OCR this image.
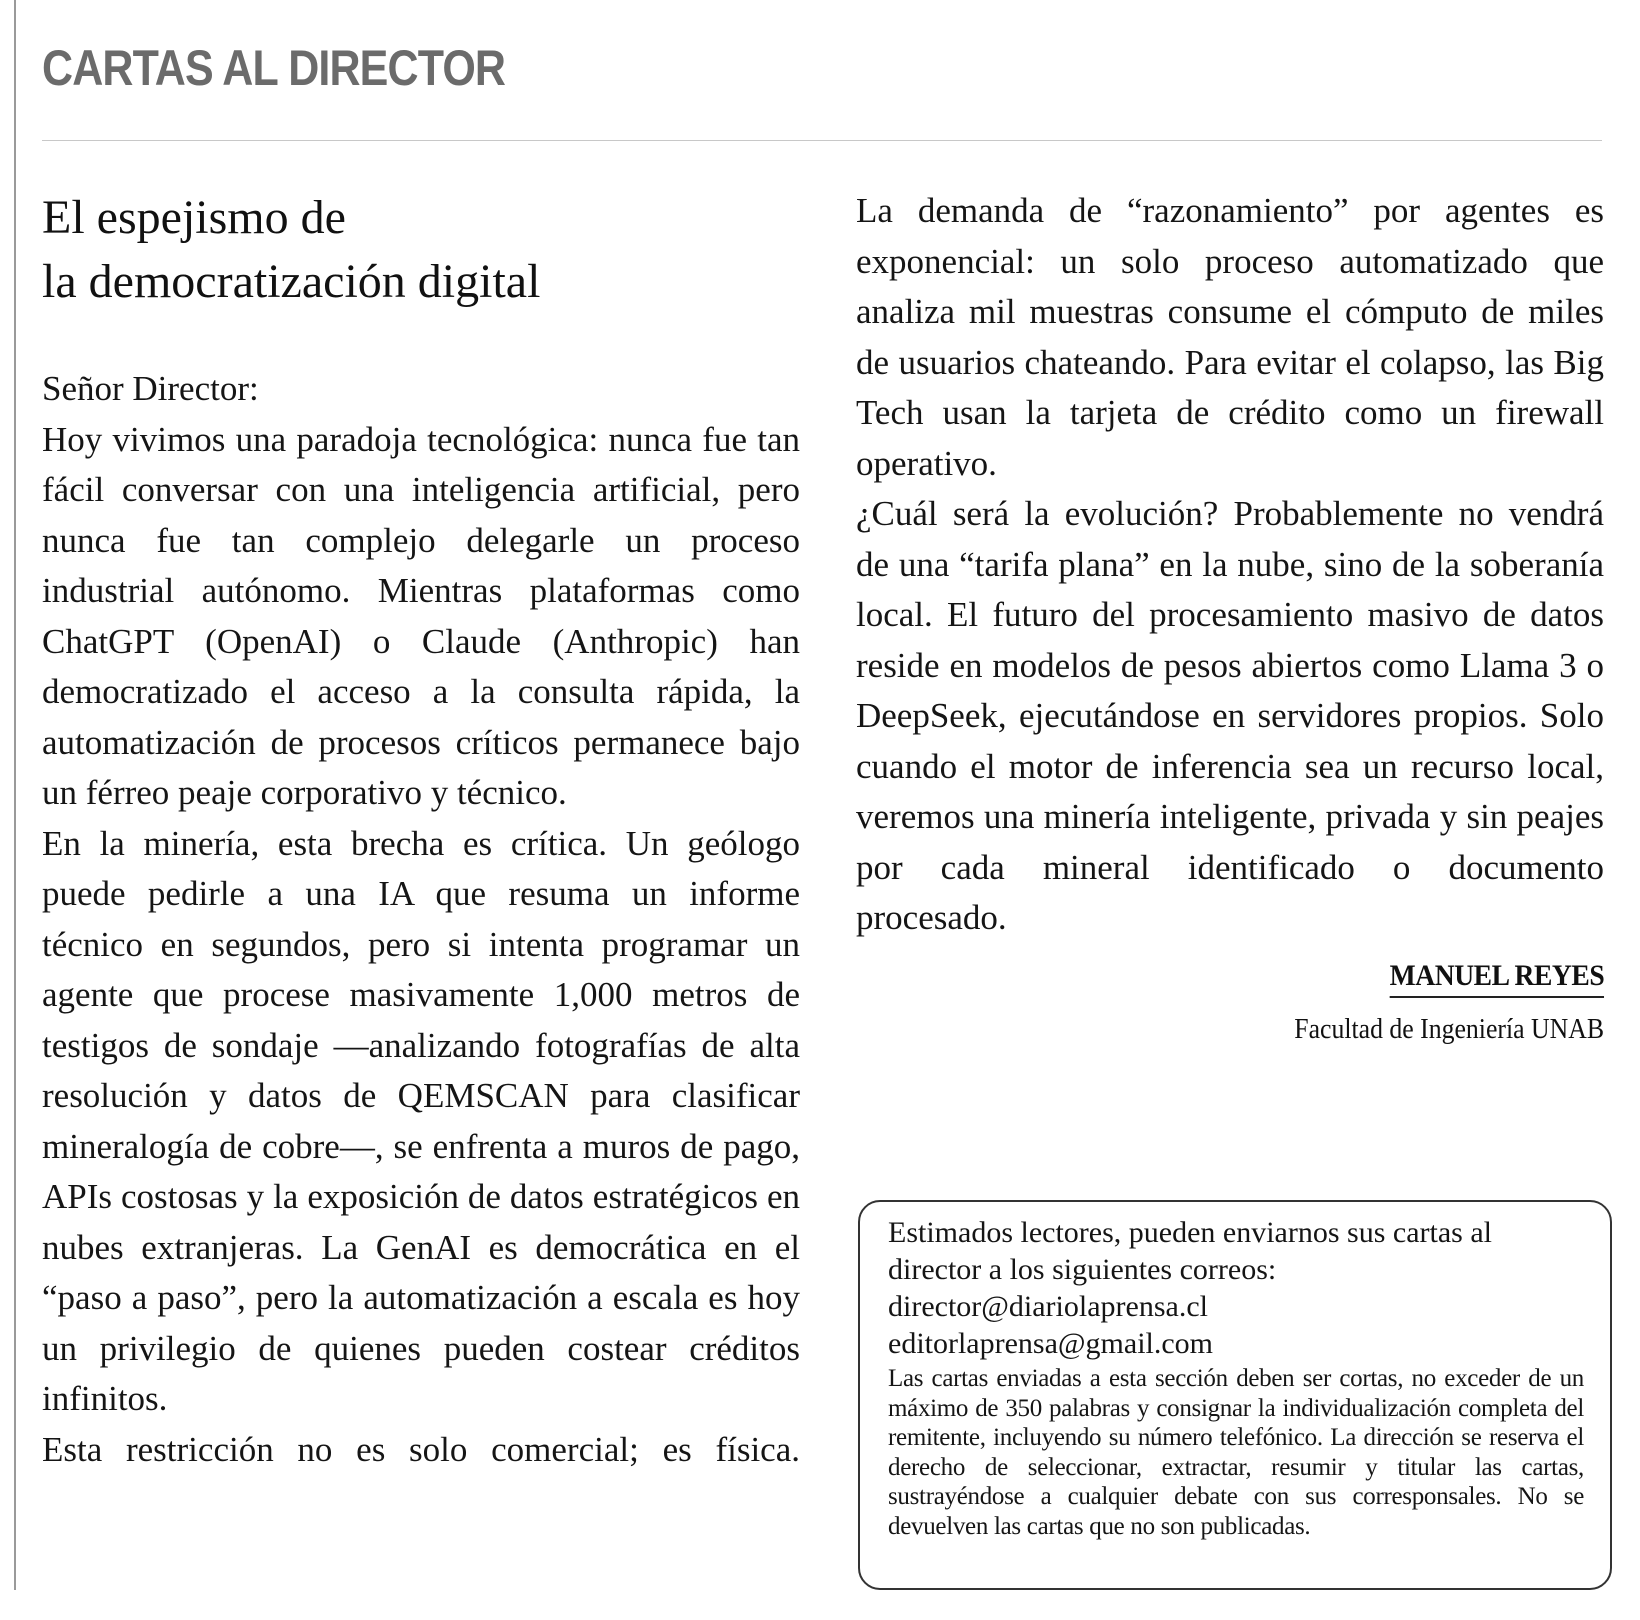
CARTAS AL DIRECTOR
El espejismo de
la democratización digital

Señor Director:

Hoy vivimos una paradoja tecnológica: nunca fue tan fácil conversar con una inteligencia artificial, pero nunca fue tan complejo delegarle un proceso industrial autónomo. Mientras plataformas como ChatGPT (OpenAI) o Claude (Anthropic) han democratizado el acceso a la consulta rápida, la automatización de procesos críticos permanece bajo un férreo peaje corporativo y técnico.

En la minería, esta brecha es crítica. Un geólogo puede pedirle a una IA que resuma un informe técnico en segundos, pero si intenta programar un agente que procese masivamente 1,000 metros de testigos de sondaje —analizando fotografías de alta resolución y datos de QEMSCAN para clasificar mineralogía de cobre—, se enfrenta a muros de pago, APIs costosas y la exposición de datos estratégicos en nubes extranjeras. La GenAI es democrática en el “paso a paso”, pero la automatización a escala es hoy un privilegio de quienes pueden costear créditos infinitos.

Esta restricción no es solo comercial; es física.

La demanda de “razonamiento” por agentes es exponencial: un solo proceso automatizado que analiza mil muestras consume el cómputo de miles de usuarios chateando. Para evitar el colapso, las Big Tech usan la tarjeta de crédito como un firewall operativo.

¿Cuál será la evolución? Probablemente no vendrá de una “tarifa plana” en la nube, sino de la soberanía local. El futuro del procesamiento masivo de datos reside en modelos de pesos abiertos como Llama 3 o DeepSeek, ejecutándose en servidores propios. Solo cuando el motor de inferencia sea un recurso local, veremos una minería inteligente, privada y sin peajes por cada mineral identificado o documento procesado.

MANUEL REYES
Facultad de Ingeniería UNAB

Estimados lectores, pueden enviarnos sus cartas al director a los siguientes correos:

director@diariolaprensa.cl
editorlaprensa@gmail.com

Las cartas enviadas a esta sección deben ser cortas, no exceder de un máximo de 350 palabras y consignar la individualización completa del remitente, incluyendo su número telefónico. La dirección se reserva el derecho de seleccionar, extractar, resumir y titular las cartas, sustrayéndose a cualquier debate con sus corresponsales. No se devuelven las cartas que no son publicadas.
